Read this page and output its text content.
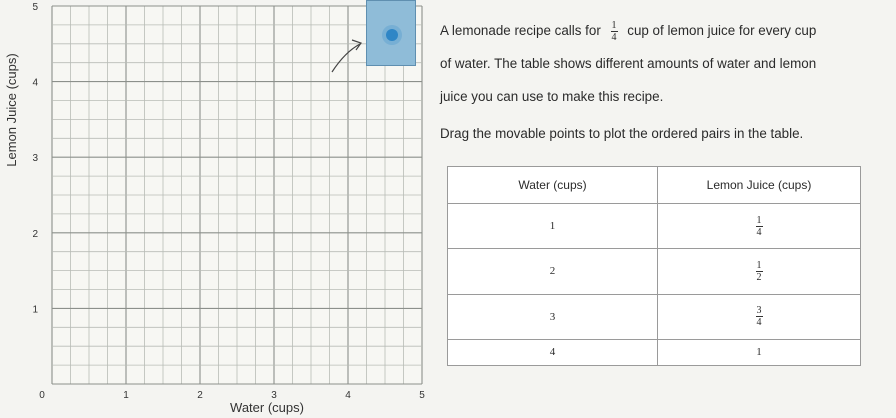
0	1	2	3	4	5
1
2
3
4
5
Water (cups)
Lemon Juice (cups)

A lemonade recipe calls for $\frac{1}{4}$ cup of lemon juice for every cup

of water. The table shows different amounts of water and lemon

juice you can use to make this recipe.

Drag the movable points to plot the ordered pairs in the table.
Water (cups)	Lemon Juice (cups)
1	$\frac{1}{4}$

2	$\frac{1}{2}$

3	$\frac{3}{4}$

4	1
